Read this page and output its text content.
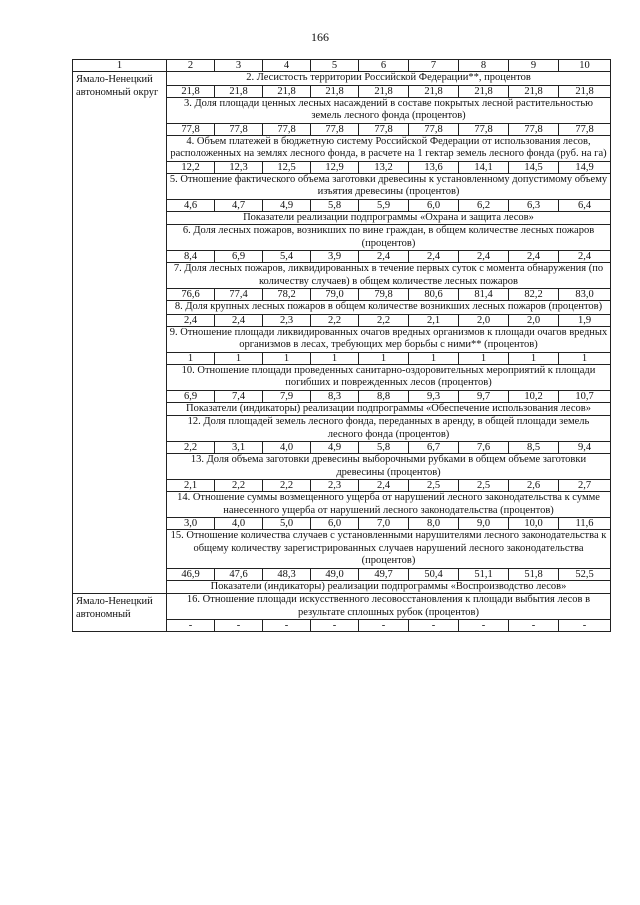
166
1	2	3	4	5	6	7	8	9	10
Ямало-Ненецкий автономный округ	2. Лесистость территории Российской Федерации**, процентов								
	21,8	21,8	21,8	21,8	21,8	21,8	21,8	21,8	21,8
	3. Доля площади ценных лесных насаждений в составе покрытых лесной растительностью земель лесного фонда (процентов)								
	77,8	77,8	77,8	77,8	77,8	77,8	77,8	77,8	77,8
	4. Объем платежей в бюджетную систему Российской Федерации от использования лесов, расположенных на землях лесного фонда, в расчете на 1 гектар земель лесного фонда (руб. на га)								
	12,2	12,3	12,5	12,9	13,2	13,6	14,1	14,5	14,9
	5. Отношение фактического объема заготовки древесины к установленному допустимому объему изъятия древесины (процентов)								
	4,6	4,7	4,9	5,8	5,9	6,0	6,2	6,3	6,4
	Показатели реализации подпрограммы «Охрана и защита лесов»								
	6. Доля лесных пожаров, возникших по вине граждан, в общем количестве лесных пожаров (процентов)								
	8,4	6,9	5,4	3,9	2,4	2,4	2,4	2,4	2,4
	7. Доля лесных пожаров, ликвидированных в течение первых суток с момента обнаружения (по количеству случаев) в общем количестве лесных пожаров								
	76,6	77,4	78,2	79,0	79,8	80,6	81,4	82,2	83,0
	8. Доля крупных лесных пожаров в общем количестве возникших лесных пожаров (процентов)								
	2,4	2,4	2,3	2,2	2,2	2,1	2,0	2,0	1,9
	9. Отношение площади ликвидированных очагов вредных организмов к площади очагов вредных организмов в лесах, требующих мер борьбы с ними** (процентов)								
	1	1	1	1	1	1	1	1	1
	10. Отношение площади проведенных санитарно-оздоровительных мероприятий к площади погибших и поврежденных лесов (процентов)								
	6,9	7,4	7,9	8,3	8,8	9,3	9,7	10,2	10,7
	Показатели (индикаторы) реализации подпрограммы «Обеспечение использования лесов»								
	12. Доля площадей земель лесного фонда, переданных в аренду, в общей площади земель лесного фонда (процентов)								
	2,2	3,1	4,0	4,9	5,8	6,7	7,6	8,5	9,4
	13. Доля объема заготовки древесины выборочными рубками в общем объеме заготовки древесины (процентов)								
	2,1	2,2	2,2	2,3	2,4	2,5	2,5	2,6	2,7
	14. Отношение суммы возмещенного ущерба от нарушений лесного законодательства к сумме нанесенного ущерба от нарушений лесного законодательства (процентов)								
	3,0	4,0	5,0	6,0	7,0	8,0	9,0	10,0	11,6
	15. Отношение количества случаев с установленными нарушителями лесного законодательства к общему количеству зарегистрированных случаев нарушений лесного законодательства (процентов)								
	46,9	47,6	48,3	49,0	49,7	50,4	51,1	51,8	52,5
	Показатели (индикаторы) реализации подпрограммы «Воспроизводство лесов»								
Ямало-Ненецкий автономный	16. Отношение площади искусственного лесовосстановления к площади выбытия лесов в результате сплошных рубок (процентов)								
	-	-	-	-	-	-	-	-	-
